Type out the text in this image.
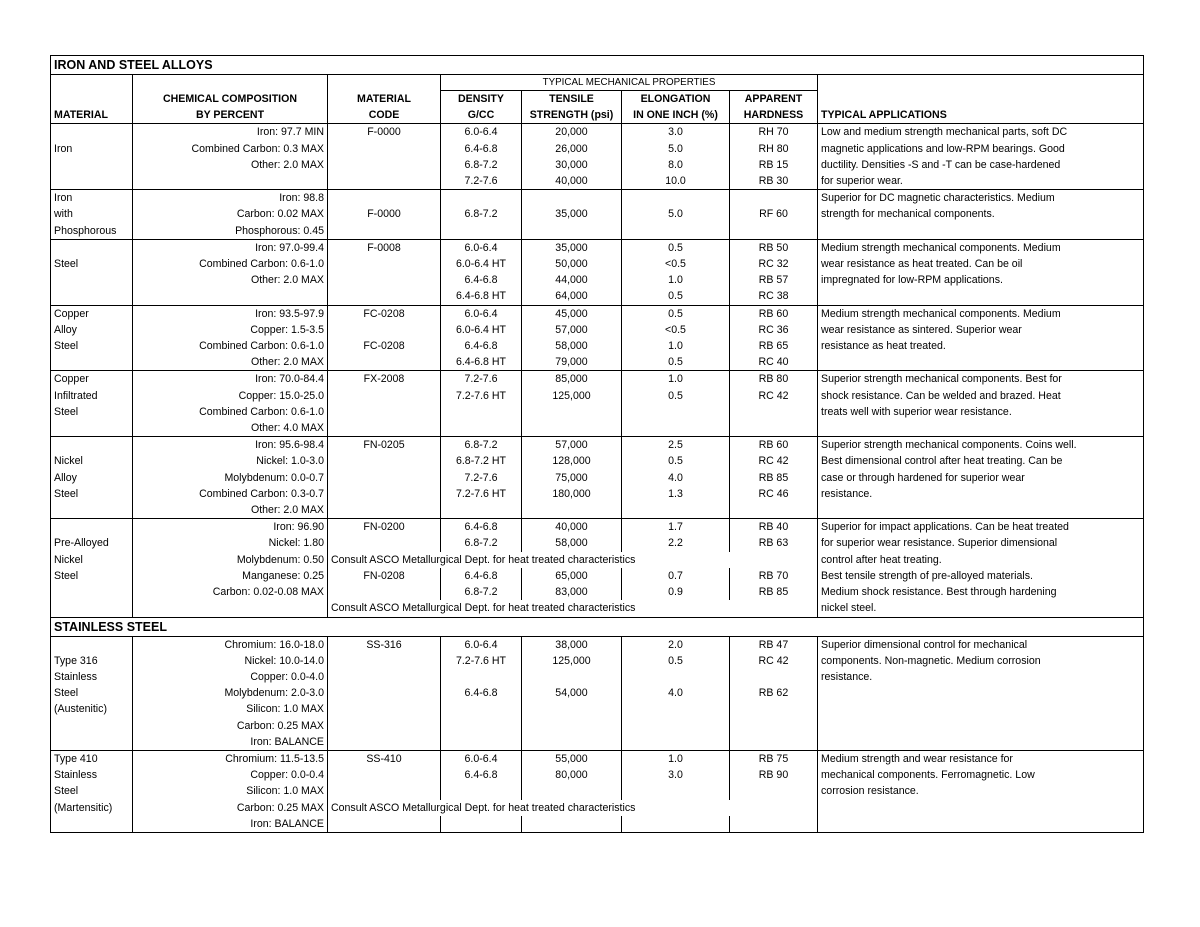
IRON AND STEEL ALLOYS							
			TYPICAL MECHANICAL PROPERTIES				
	CHEMICAL COMPOSITION	MATERIAL	DENSITY	TENSILE	ELONGATION	APPARENT	
MATERIAL	BY PERCENT	CODE	G/CC	STRENGTH (psi)	IN ONE INCH (%)	HARDNESS	TYPICAL APPLICATIONS
	Iron: 97.7 MIN	F-0000	6.0-6.4	20,000	3.0	RH 70	Low and medium strength mechanical parts, soft DC
Iron	Combined Carbon: 0.3 MAX		6.4-6.8	26,000	5.0	RH 80	magnetic applications and low-RPM bearings. Good
	Other: 2.0 MAX		6.8-7.2	30,000	8.0	RB 15	ductility. Densities -S and -T can be case-hardened
			7.2-7.6	40,000	10.0	RB 30	for superior wear.
Iron	Iron: 98.8						Superior for DC magnetic characteristics. Medium
with	Carbon: 0.02 MAX	F-0000	6.8-7.2	35,000	5.0	RF 60	strength for mechanical components.
Phosphorous	Phosphorous: 0.45						
	Iron: 97.0-99.4	F-0008	6.0-6.4	35,000	0.5	RB 50	Medium strength mechanical components. Medium
Steel	Combined Carbon: 0.6-1.0		6.0-6.4 HT	50,000	<0.5	RC 32	wear resistance as heat treated. Can be oil
	Other: 2.0 MAX		6.4-6.8	44,000	1.0	RB 57	impregnated for low-RPM applications.
			6.4-6.8 HT	64,000	0.5	RC 38	
Copper	Iron: 93.5-97.9	FC-0208	6.0-6.4	45,000	0.5	RB 60	Medium strength mechanical components. Medium
Alloy	Copper: 1.5-3.5		6.0-6.4 HT	57,000	<0.5	RC 36	wear resistance as sintered. Superior wear
Steel	Combined Carbon: 0.6-1.0	FC-0208	6.4-6.8	58,000	1.0	RB 65	resistance as heat treated.
	Other: 2.0 MAX		6.4-6.8 HT	79,000	0.5	RC 40	
Copper	Iron: 70.0-84.4	FX-2008	7.2-7.6	85,000	1.0	RB 80	Superior strength mechanical components. Best for
Infiltrated	Copper: 15.0-25.0		7.2-7.6 HT	125,000	0.5	RC 42	shock resistance. Can be welded and brazed. Heat
Steel	Combined Carbon: 0.6-1.0						treats well with superior wear resistance.
	Other: 4.0 MAX						
	Iron: 95.6-98.4	FN-0205	6.8-7.2	57,000	2.5	RB 60	Superior strength mechanical components. Coins well.
Nickel	Nickel: 1.0-3.0		6.8-7.2 HT	128,000	0.5	RC 42	Best dimensional control after heat treating. Can be
Alloy	Molybdenum: 0.0-0.7		7.2-7.6	75,000	4.0	RB 85	case or through hardened for superior wear
Steel	Combined Carbon: 0.3-0.7		7.2-7.6 HT	180,000	1.3	RC 46	resistance.
	Other: 2.0 MAX						
	Iron: 96.90	FN-0200	6.4-6.8	40,000	1.7	RB 40	Superior for impact applications. Can be heat treated
Pre-Alloyed	Nickel: 1.80		6.8-7.2	58,000	2.2	RB 63	for superior wear resistance. Superior dimensional
Nickel	Molybdenum: 0.50	Consult ASCO Metallurgical Dept. for heat treated characteristics					control after heat treating.
Steel	Manganese: 0.25	FN-0208	6.4-6.8	65,000	0.7	RB 70	Best tensile strength of pre-alloyed materials.
	Carbon: 0.02-0.08 MAX		6.8-7.2	83,000	0.9	RB 85	Medium shock resistance. Best through hardening
		Consult ASCO Metallurgical Dept. for heat treated characteristics					nickel steel.
STAINLESS STEEL							
	Chromium: 16.0-18.0	SS-316	6.0-6.4	38,000	2.0	RB 47	Superior dimensional control for mechanical
Type 316	Nickel: 10.0-14.0		7.2-7.6 HT	125,000	0.5	RC 42	components. Non-magnetic. Medium corrosion
Stainless	Copper: 0.0-4.0						resistance.
Steel	Molybdenum: 2.0-3.0		6.4-6.8	54,000	4.0	RB 62	
(Austenitic)	Silicon: 1.0 MAX						
	Carbon: 0.25 MAX						
	Iron: BALANCE						
Type 410	Chromium: 11.5-13.5	SS-410	6.0-6.4	55,000	1.0	RB 75	Medium strength and wear resistance for
Stainless	Copper: 0.0-0.4		6.4-6.8	80,000	3.0	RB 90	mechanical components. Ferromagnetic. Low
Steel	Silicon: 1.0 MAX						corrosion resistance.
(Martensitic)	Carbon: 0.25 MAX	Consult ASCO Metallurgical Dept. for heat treated characteristics					
	Iron: BALANCE						
